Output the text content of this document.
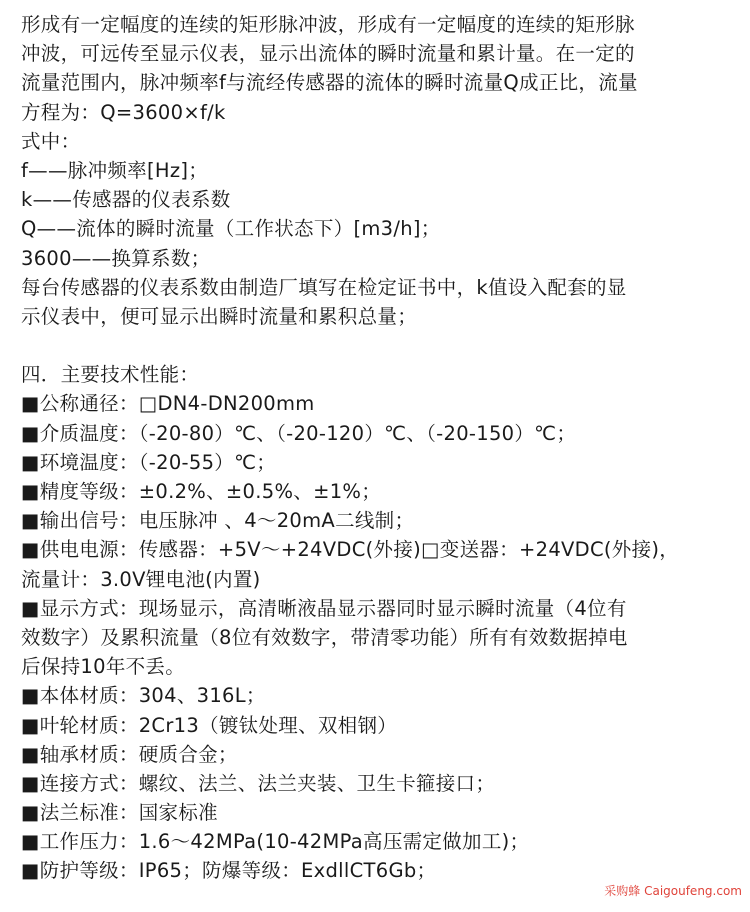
形成有一定幅度的连续的矩形脉冲波，形成有一定幅度的连续的矩形脉
冲波，可远传至显示仪表，显示出流体的瞬时流量和累计量。在一定的
流量范围内，脉冲频率f与流经传感器的流体的瞬时流量Q成正比，流量
方程为：Q=3600×f/k
式中：
f——脉冲频率[Hz]；
k——传感器的仪表系数
Q——流体的瞬时流量（工作状态下）[m3/h]；
3600——换算系数；
每台传感器的仪表系数由制造厂填写在检定证书中，k值设入配套的显
示仪表中，便可显示出瞬时流量和累积总量；
四．主要技术性能：
■公称通径：□DN4-DN200mm
■介质温度：（-20-80）℃、（-20-120）℃、（-20-150）℃；
■环境温度：（-20-55）℃；
■精度等级：±0.2%、±0.5%、±1%；
■输出信号：电压脉冲 、4～20mA二线制；
■供电电源：传感器：+5V～+24VDC(外接)□变送器：+24VDC(外接)，
流量计：3.0V锂电池(内置)
■显示方式：现场显示，高清晰液晶显示器同时显示瞬时流量（4位有
效数字）及累积流量（8位有效数字，带清零功能）所有有效数据掉电
后保持10年不丢。
■本体材质：304、316L；
■叶轮材质：2Cr13（镀钛处理、双相钢）
■轴承材质：硬质合金；
■连接方式：螺纹、法兰、法兰夹装、卫生卡箍接口；
■法兰标准：国家标准
■工作压力：1.6～42MPa(10-42MPa高压需定做加工)；
■防护等级：IP65；防爆等级：ExdllCT6Gb；
采购蜂 Caigoufeng.com
